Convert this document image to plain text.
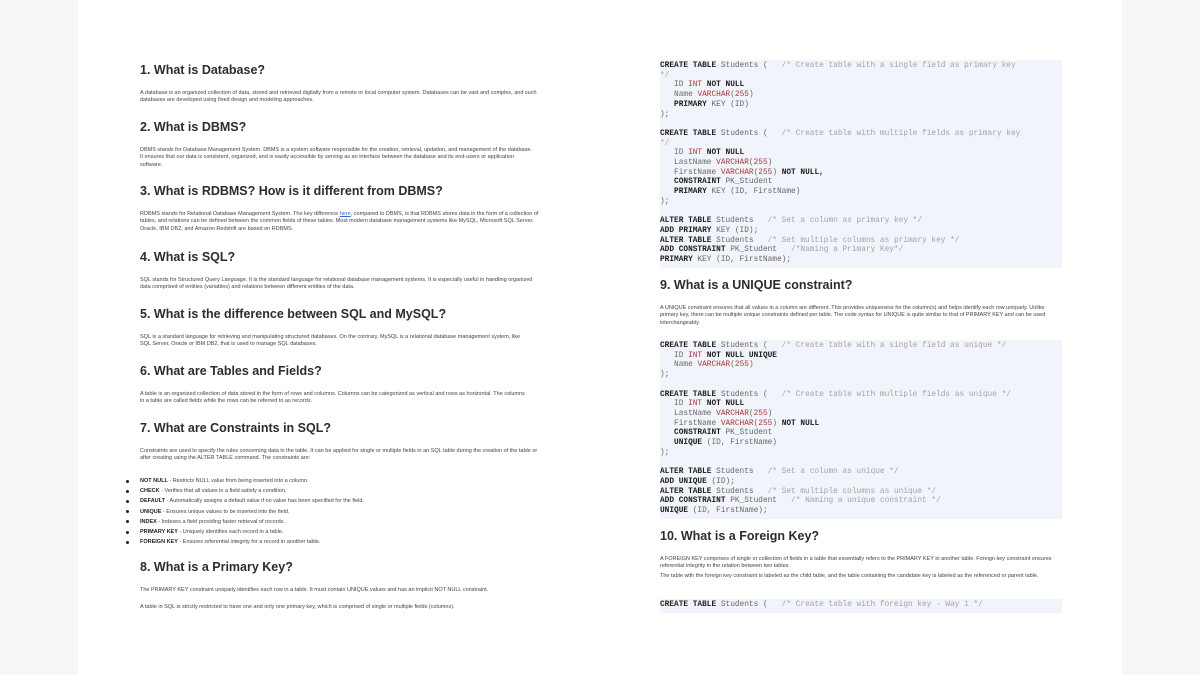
1. What is Database?

A database is an organized collection of data, stored and retrieved digitally from a remote or local computer system. Databases can be vast and complex, and such databases are developed using fixed design and modeling approaches.

2. What is DBMS?

DBMS stands for Database Management System. DBMS is a system software responsible for the creation, retrieval, updation, and management of the database. It ensures that our data is consistent, organized, and is easily accessible by serving as an interface between the database and its end-users or application software.

3. What is RDBMS? How is it different from DBMS?

RDBMS stands for Relational Database Management System. The key difference here, compared to DBMS, is that RDBMS stores data in the form of a collection of tables, and relations can be defined between the common fields of these tables. Most modern database management systems like MySQL, Microsoft SQL Server, Oracle, IBM DB2, and Amazon Redshift are based on RDBMS.

4. What is SQL?

SQL stands for Structured Query Language. It is the standard language for relational database management systems. It is especially useful in handling organized data comprised of entities (variables) and relations between different entities of the data.

5. What is the difference between SQL and MySQL?

SQL is a standard language for retrieving and manipulating structured databases. On the contrary, MySQL is a relational database management system, like SQL Server, Oracle or IBM DB2, that is used to manage SQL databases.

6. What are Tables and Fields?

A table is an organized collection of data stored in the form of rows and columns. Columns can be categorized as vertical and rows as horizontal. The columns in a table are called fields while the rows can be referred to as records.

7. What are Constraints in SQL?

Constraints are used to specify the rules concerning data in the table. It can be applied for single or multiple fields in an SQL table during the creation of the table or after creating using the ALTER TABLE command. The constraints are:

NOT NULL - Restricts NULL value from being inserted into a column.
CHECK - Verifies that all values in a field satisfy a condition.
DEFAULT - Automatically assigns a default value if no value has been specified for the field.
UNIQUE - Ensures unique values to be inserted into the field.
INDEX - Indexes a field providing faster retrieval of records.
PRIMARY KEY - Uniquely identifies each record in a table.
FOREIGN KEY - Ensures referential integrity for a record in another table.
8. What is a Primary Key?

The PRIMARY KEY constraint uniquely identifies each row in a table. It must contain UNIQUE values and has an implicit NOT NULL constraint.

A table in SQL is strictly restricted to have one and only one primary key, which is comprised of single or multiple fields (columns).

CREATE TABLE Students (   /* Create table with a single field as primary key
*/
ID INT NOT NULL
Name VARCHAR(255)
PRIMARY KEY (ID)
);

CREATE TABLE Students (   /* Create table with multiple fields as primary key
*/
ID INT NOT NULL
LastName VARCHAR(255)
FirstName VARCHAR(255) NOT NULL,
CONSTRAINT PK_Student
PRIMARY KEY (ID, FirstName)
);

ALTER TABLE Students   /* Set a column as primary key */
ADD PRIMARY KEY (ID);
ALTER TABLE Students   /* Set multiple columns as primary key */
ADD CONSTRAINT PK_Student   /*Naming a Primary Key*/
PRIMARY KEY (ID, FirstName);
9. What is a UNIQUE constraint?

A UNIQUE constraint ensures that all values in a column are different. This provides uniqueness for the column(s) and helps identify each row uniquely. Unlike primary key, there can be multiple unique constraints defined per table. The code syntax for UNIQUE is quite similar to that of PRIMARY KEY and can be used interchangeably.

CREATE TABLE Students (   /* Create table with a single field as unique */
ID INT NOT NULL UNIQUE
Name VARCHAR(255)
);

CREATE TABLE Students (   /* Create table with multiple fields as unique */
ID INT NOT NULL
LastName VARCHAR(255)
FirstName VARCHAR(255) NOT NULL
CONSTRAINT PK_Student
UNIQUE (ID, FirstName)
);

ALTER TABLE Students   /* Set a column as unique */
ADD UNIQUE (ID);
ALTER TABLE Students   /* Set multiple columns as unique */
ADD CONSTRAINT PK_Student   /* Naming a unique constraint */
UNIQUE (ID, FirstName);
10. What is a Foreign Key?

A FOREIGN KEY comprises of single or collection of fields in a table that essentially refers to the PRIMARY KEY in another table. Foreign key constraint ensures referential integrity in the relation between two tables.

The table with the foreign key constraint is labeled as the child table, and the table containing the candidate key is labeled as the referenced or parent table.

CREATE TABLE Students (   /* Create table with foreign key - Way 1 */
